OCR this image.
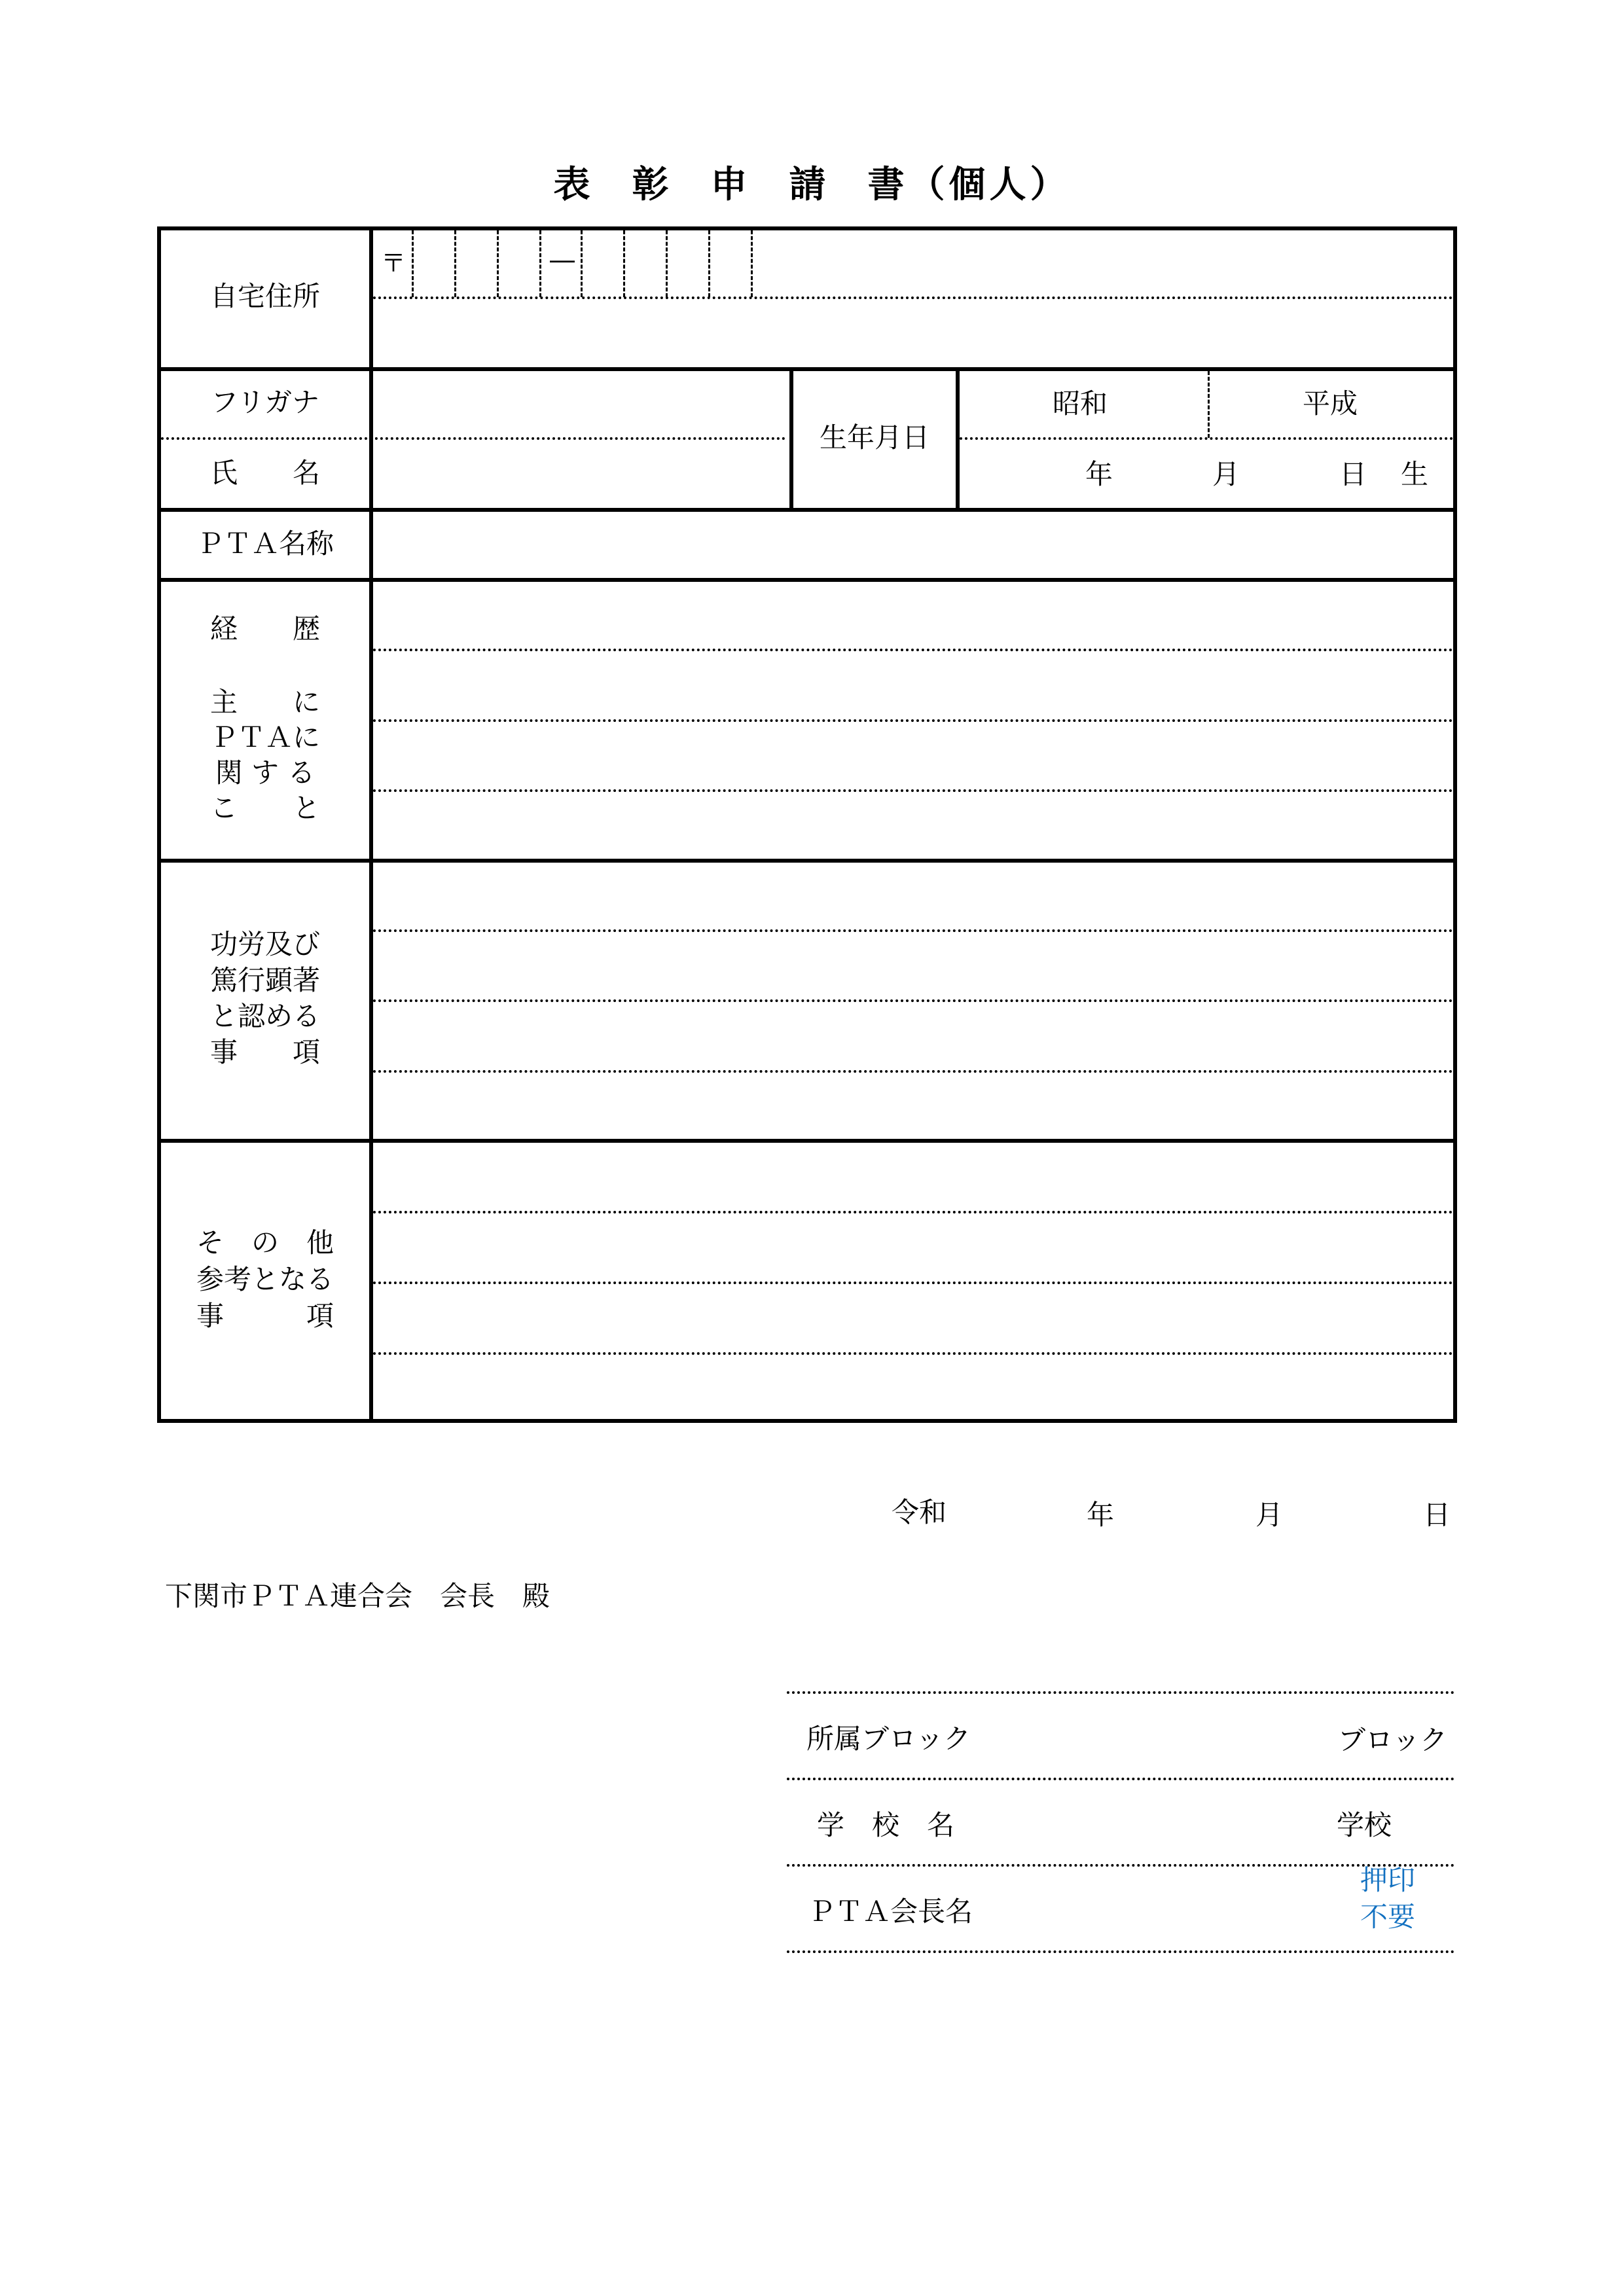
表 彰 申 請 書（個人）
自宅住所
〒	―
フリガナ
氏　　名
生年月日
昭和	平成
年	月	日 生
ＰＴＡ名称
経　　歴
主　　に
ＰＴＡに
関 す る
こ　　と
功労及び
篤行顕著
と認める
事　　項
そ　の　他
参考となる
事　　　項
令和	年	月	日
下関市ＰＴＡ連合会　会長　殿
所属ブロック	ブロック
学　校　名	学校
ＰＴＡ会長名
押印
不要
